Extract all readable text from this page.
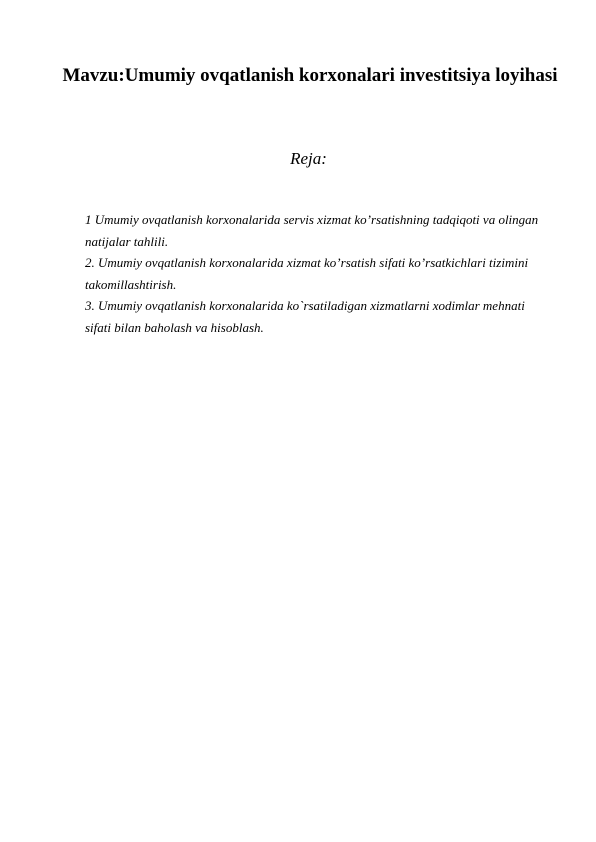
Mavzu:Umumiy ovqatlanish korxonalari investitsiya loyihasi
Reja:

1 Umumiy ovqatlanish korxonalarida servis xizmat ko’rsatishning tadqiqoti va olingan natijalar tahlili.

2. Umumiy ovqatlanish korxonalarida xizmat ko’rsatish sifati ko’rsatkichlari tizimini takomillashtirish.

3. Umumiy ovqatlanish korxonalarida ko`rsatiladigan xizmatlarni xodimlar mehnati sifati bilan baholash va hisoblash.
